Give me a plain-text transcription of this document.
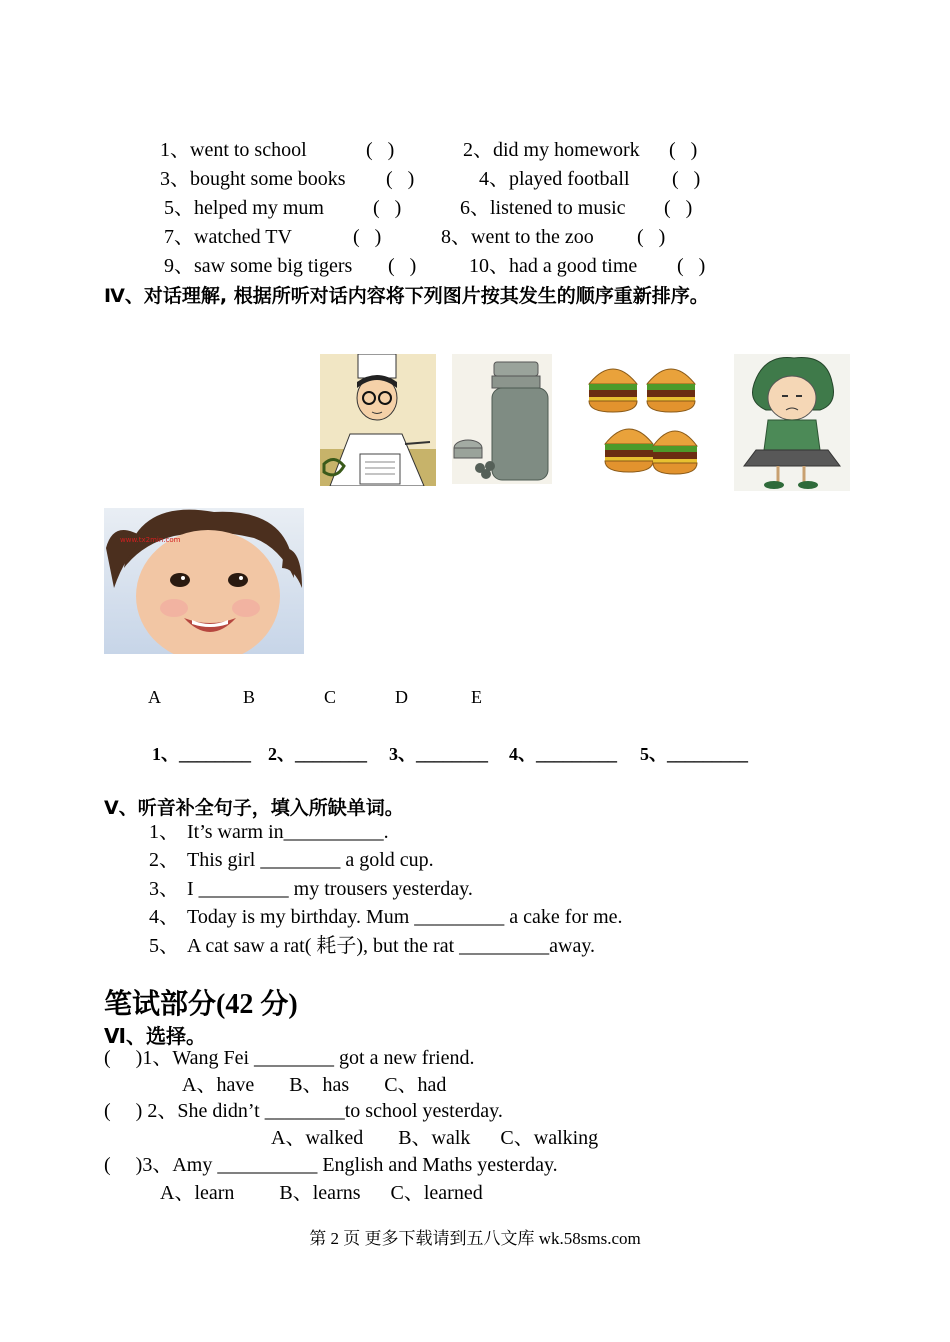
1、went to school	(   )	2、did my homework (   )
3、bought some books (   )	4、played football (   )
5、helped my mum (   )	6、listened to music (   )
7、watched TV	(   )	8、went to the zoo (   )
9、saw some big tigers (   )	10、had a good time (   )
Ⅳ、对话理解, 根据所听对话内容将下列图片按其发生的顺序重新排序。
www.tx2min.com
A	B	C	D	E
1、________ 2、________ 3、________ 4、_________ 5、_________
V、听音补全句子，填入所缺单词。
1、 It’s warm in__________.
2、 This girl ________ a gold cup.
3、 I _________ my trousers yesterday.
4、 Today is my birthday. Mum _________ a cake for me.
5、 A cat saw a rat( 耗子), but the rat _________away.
笔试部分(42 分)
Ⅵ、选择。
(     )1、Wang Fei ________ got a new friend.
A、have       B、has       C、had
(     ) 2、She didn’t ________to school yesterday.
A、walked       B、walk      C、walking
(     )3、Amy __________ English and Maths yesterday.
A、learn         B、learns      C、learned
第 2 页 更多下载请到五八文库 wk.58sms.com
